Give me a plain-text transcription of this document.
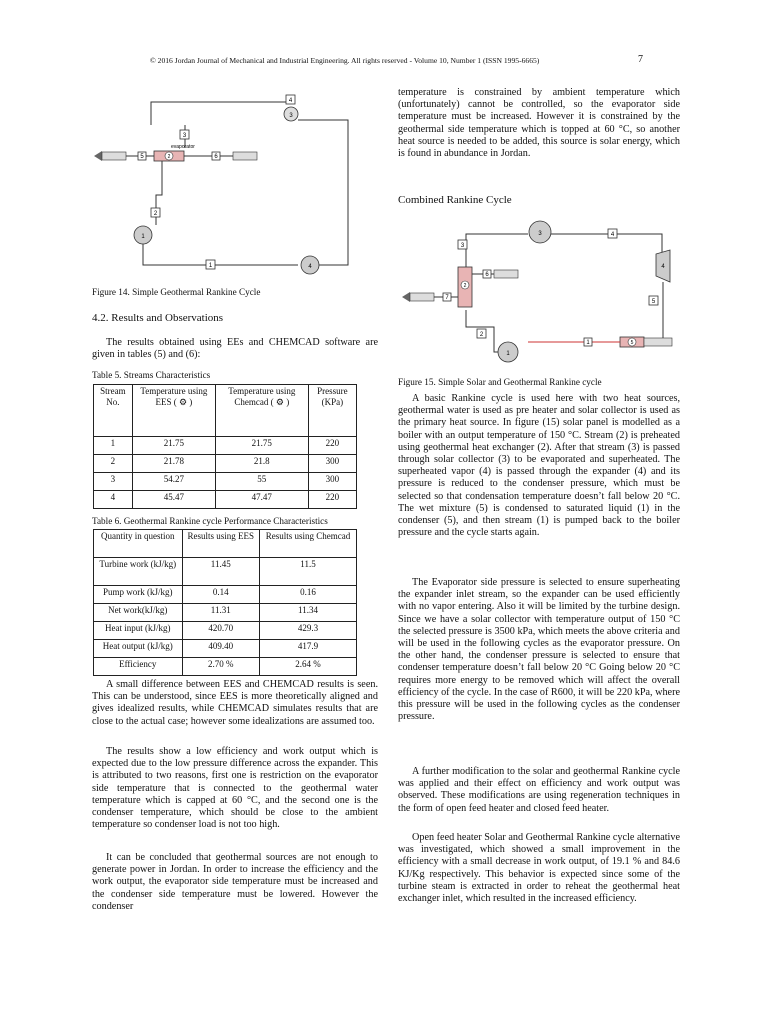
© 2016 Jordan Journal of Mechanical and Industrial Engineering. All rights reserved - Volume 10, Number 1 (ISSN 1995-6665)	7
4
3
3
evaporator
2
5	6
2
1
1	4
Figure 14. Simple Geothermal Rankine Cycle
4.2. Results and Observations

The results obtained using EEs and CHEMCAD software are given in tables (5) and (6):

Table 5. Streams Characteristics
Stream No.	Temperature using EES ( ⚙ )	Temperature using Chemcad ( ⚙ )	Pressure (KPa)
1	21.75	21.75	220
2	21.78	21.8	300
3	54.27	55	300
4	45.47	47.47	220
Table 6. Geothermal Rankine cycle Performance Characteristics
Quantity in question	Results using EES	Results using Chemcad
Turbine work (kJ/kg)	11.45	11.5
Pump work (kJ/kg)	0.14	0.16
Net work(kJ/kg)	11.31	11.34
Heat input (kJ/kg)	420.70	429.3
Heat output (kJ/kg)	409.40	417.9
Efficiency	2.70 %	2.64 %

A small difference between EES and CHEMCAD results is seen. This can be understood, since EES is more theoretically aligned and gives idealized results, while CHEMCAD simulates results that are close to the actual case; however some idealizations are assumed too.

The results show a low efficiency and work output which is expected due to the low pressure difference across the expander. This is attributed to two reasons, first one is restriction on the evaporator side temperature that is connected to the geothermal water temperature which is capped at 60 °C, and the second one is the condenser temperature, which should be close to the ambient temperature so condenser load is not too high.

It can be concluded that geothermal sources are not enough to generate power in Jordan. In order to increase the efficiency and the work output, the evaporator side temperature must be increased and the condenser side temperature must be lowered. However the condenser

temperature is constrained by ambient temperature which (unfortunately) cannot be controlled, so the evaporator side temperature must be increased. However it is constrained by the geothermal side temperature which is topped at 60 °C, so another heat source is needed to be added, this source is solar energy, which is found in abundance in Jordan.

Combined Rankine Cycle
3	4
4
5
5
1
1
2
2
3
6
7
Figure 15. Simple Solar and Geothermal Rankine cycle

A basic Rankine cycle is used here with two heat sources, geothermal water is used as pre heater and solar collector is used as the primary heat source. In figure (15) solar panel is modelled as a boiler with an output temperature of 150 °C. Stream (2) is preheated using geothermal heat exchanger (2). After that stream (3) is passed through solar collector (3) to be evaporated and superheated. The superheated vapor (4) is passed through the expander (4) and its pressure is reduced to the condenser pressure, which must be selected so that condensation temperature doesn’t fall below 20 °C. The wet mixture (5) is condensed to saturated liquid (1) in the condenser (5), and then stream (1) is pumped back to the boiler pressure and the cycle starts again.

The Evaporator side pressure is selected to ensure superheating the expander inlet stream, so the expander can be used efficiently with no vapor entering. Also it will be limited by the turbine design. Since we have a solar collector with temperature output of 150 °C the selected pressure is 3500 kPa, which meets the above criteria and will be used in the following cycles as the evaporator pressure. On the other hand, the condenser pressure is selected to ensure that condenser temperature doesn’t fall below 20 °C Going below 20 °C requires more energy to be removed which will affect the overall efficiency of the cycle. In the case of R600, it will be 220 kPa, where this pressure will be used in the following cycles as the condenser pressure.

A further modification to the solar and geothermal Rankine cycle was applied and their effect on efficiency and work output was observed. These modifications are using regeneration techniques in the form of open feed heater and closed feed heater.

Open feed heater Solar and Geothermal Rankine cycle alternative was investigated, which showed a small improvement in the efficiency with a small decrease in work output, of 19.1 % and 84.6 KJ/Kg respectively. This behavior is expected since some of the turbine steam is extracted in order to reheat the geothermal heat exchanger inlet, which resulted in the increased efficiency.
